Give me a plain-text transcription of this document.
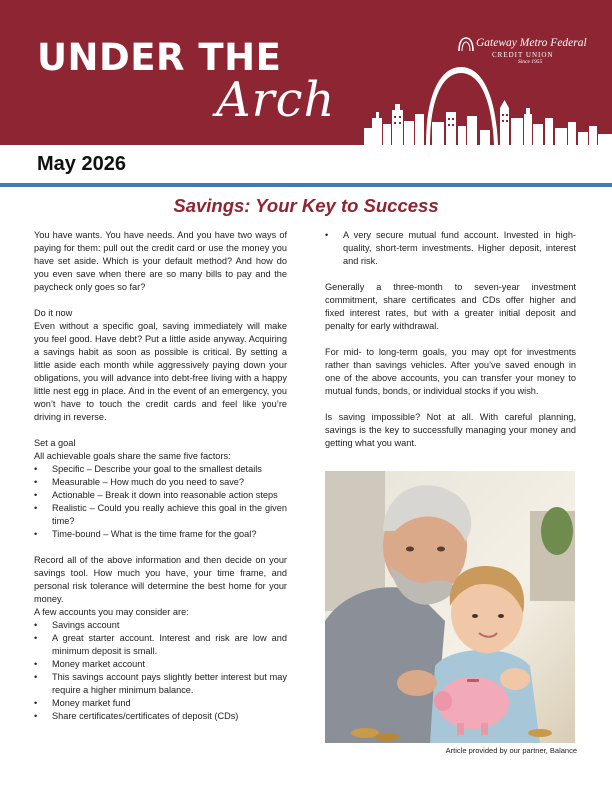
UNDER THE
Arch
Gateway Metro Federal
CREDIT UNION
Since 1955
May 2026
Savings: Your Key to Success

You have wants. You have needs. And you have two ways of paying for them: pull out the credit card or use the money you have set aside. Which is your default method? And how do you even save when there are so many bills to pay and the paycheck only goes so far?

Do it now

Even without a specific goal, saving immediately will make you feel good. Have debt? Put a little aside anyway. Acquiring a savings habit as soon as possible is critical. By setting a little aside each month while aggressively paying down your obligations, you will advance into debt-free living with a happy little nest egg in place. And in the event of an emergency, you won’t have to touch the credit cards and feel like you’re driving in reverse.

Set a goal

All achievable goals share the same five factors:

• Specific – Describe your goal to the smallest details
• Measurable – How much do you need to save?
• Actionable – Break it down into reasonable action steps
• Realistic – Could you really achieve this goal in the given time?
• Time-bound – What is the time frame for the goal?

Record all of the above information and then decide on your savings tool. How much you have, your time frame, and personal risk tolerance will determine the best home for your money.

A few accounts you may consider are:

• Savings account
• A great starter account. Interest and risk are low and minimum deposit is small.
• Money market account
• This savings account pays slightly better interest but may require a higher minimum balance.
• Money market fund
• Share certificates/certificates of deposit (CDs)
• A very secure mutual fund account. Invested in high-quality, short-term investments. Higher deposit, interest and risk.

Generally a three-month to seven-year investment commitment, share certificates and CDs offer higher and fixed interest rates, but with a greater initial deposit and penalty for early withdrawal.

For mid- to long-term goals, you may opt for investments rather than savings vehicles. After you’ve saved enough in one of the above accounts, you can transfer your money to mutual funds, bonds, or individual stocks if you wish.

Is saving impossible? Not at all. With careful planning, savings is the key to successfully managing your money and getting what you want.

Article provided by our partner, Balance
